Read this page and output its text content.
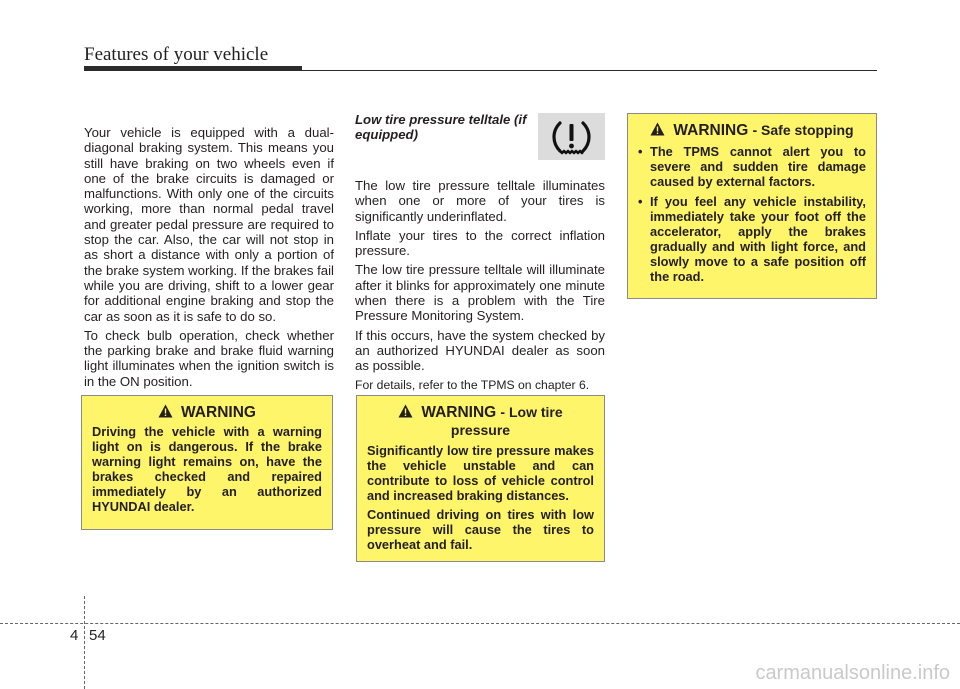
Features of your vehicle

Your vehicle is equipped with a dual-diagonal braking system. This means you still have braking on two wheels even if one of the brake circuits is damaged or malfunctions. With only one of the circuits working, more than normal pedal travel and greater pedal pressure are required to stop the car. Also, the car will not stop in as short a distance with only a portion of the brake system working. If the brakes fail while you are driving, shift to a lower gear for additional engine braking and stop the car as soon as it is safe to do so.

To check bulb operation, check whether the parking brake and brake fluid warning light illuminates when the ignition switch is in the ON position.

Low tire pressure telltale (if equipped)

The low tire pressure telltale illuminates when one or more of your tires is significantly underinflated.

Inflate your tires to the correct inflation pressure.

The low tire pressure telltale will illuminate after it blinks for approximately one minute when there is a problem with the Tire Pressure Monitoring System.

If this occurs, have the system checked by an authorized HYUNDAI dealer as soon as possible.

For details, refer to the TPMS on chapter 6.

WARNING - Safe stopping
• The TPMS cannot alert you to severe and sudden tire damage caused by external factors.
• If you feel any vehicle instability, immediately take your foot off the accelerator, apply the brakes gradually and with light force, and slowly move to a safe position off the road.
WARNING

Driving the vehicle with a warning light on is dangerous. If the brake warning light remains on, have the brakes checked and repaired immediately by an authorized HYUNDAI dealer.

WARNING - Low tire pressure

Significantly low tire pressure makes the vehicle unstable and can contribute to loss of vehicle control and increased braking distances.

Continued driving on tires with low pressure will cause the tires to overheat and fail.

4 54
carmanualsonline.info
